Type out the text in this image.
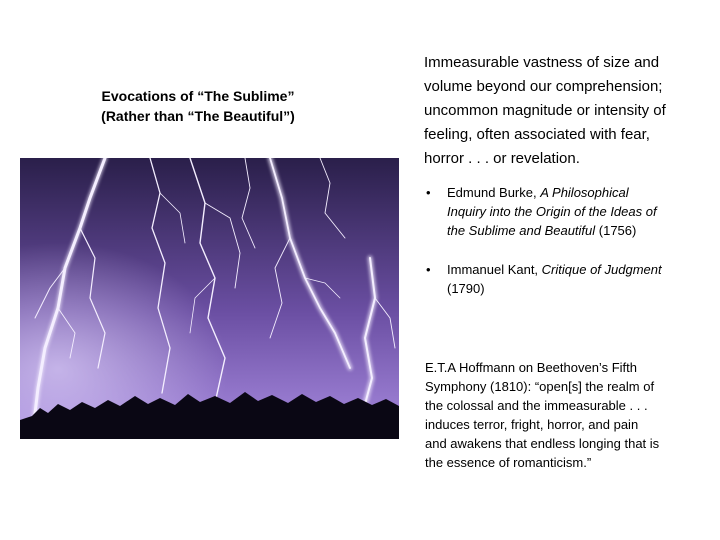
Evocations of “The Sublime”
(Rather than “The Beautiful”)
Immeasurable vastness of size and
volume beyond our comprehension;
uncommon magnitude or intensity of
feeling, often associated with fear,
horror . . . or revelation.
• Edmund Burke, A Philosophical
Inquiry into the Origin of the Ideas of
the Sublime and Beautiful (1756)
• Immanuel Kant, Critique of Judgment
(1790)
E.T.A Hoffmann on Beethoven’s Fifth
Symphony (1810): “open[s] the realm of
the colossal and the immeasurable . . .
induces terror, fright, horror, and pain
and awakens that endless longing that is
the essence of romanticism.”
